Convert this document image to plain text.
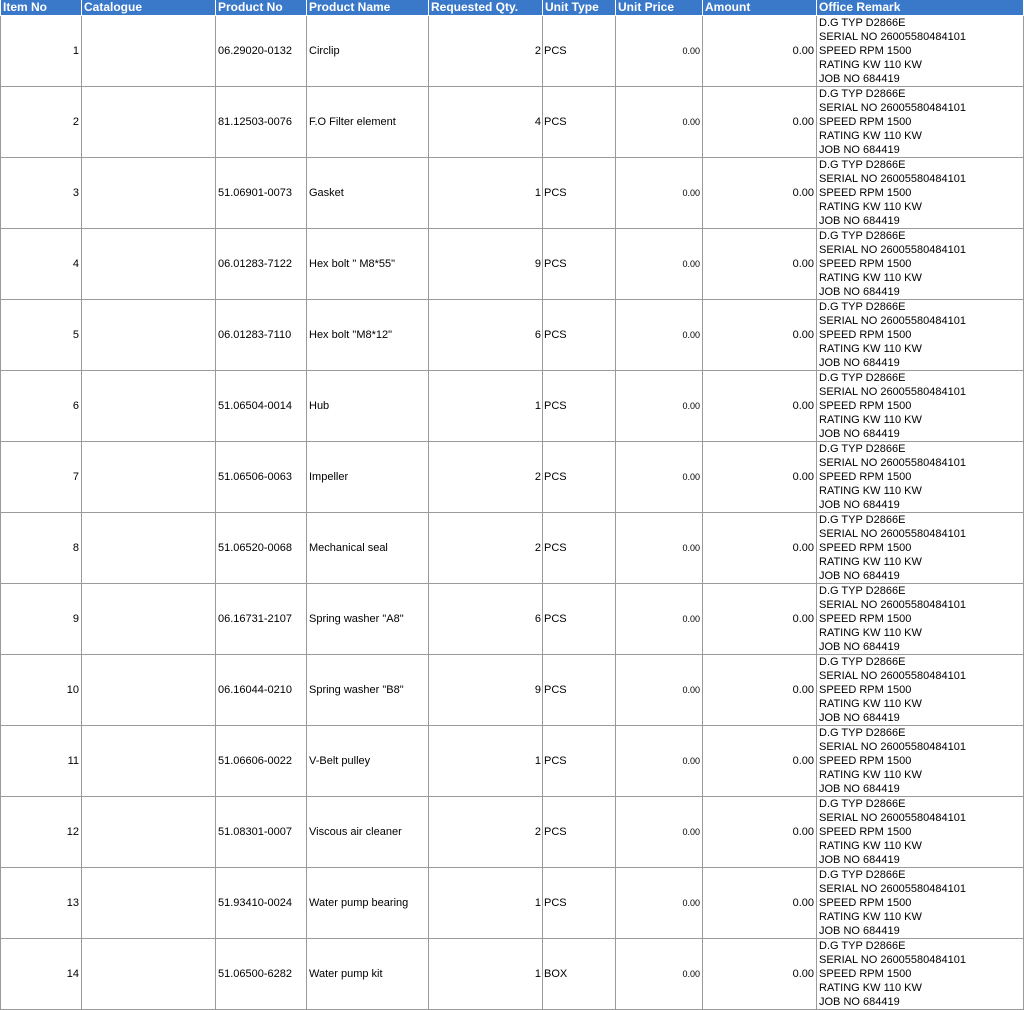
Item No	Catalogue	Product No	Product Name	Requested Qty.	Unit Type	Unit Price	Amount	Office Remark
1		06.29020-0132	Circlip	2	PCS	0.00	0.00	D.G TYP D2866E
SERIAL NO 26005580484101
SPEED RPM 1500
RATING KW 110 KW
JOB NO 684419

2		81.12503-0076	F.O Filter element	4	PCS	0.00	0.00	D.G TYP D2866E
SERIAL NO 26005580484101
SPEED RPM 1500
RATING KW 110 KW
JOB NO 684419

3		51.06901-0073	Gasket	1	PCS	0.00	0.00	D.G TYP D2866E
SERIAL NO 26005580484101
SPEED RPM 1500
RATING KW 110 KW
JOB NO 684419

4		06.01283-7122	Hex bolt " M8*55"	9	PCS	0.00	0.00	D.G TYP D2866E
SERIAL NO 26005580484101
SPEED RPM 1500
RATING KW 110 KW
JOB NO 684419

5		06.01283-7110	Hex bolt "M8*12"	6	PCS	0.00	0.00	D.G TYP D2866E
SERIAL NO 26005580484101
SPEED RPM 1500
RATING KW 110 KW
JOB NO 684419

6		51.06504-0014	Hub	1	PCS	0.00	0.00	D.G TYP D2866E
SERIAL NO 26005580484101
SPEED RPM 1500
RATING KW 110 KW
JOB NO 684419

7		51.06506-0063	Impeller	2	PCS	0.00	0.00	D.G TYP D2866E
SERIAL NO 26005580484101
SPEED RPM 1500
RATING KW 110 KW
JOB NO 684419

8		51.06520-0068	Mechanical seal	2	PCS	0.00	0.00	D.G TYP D2866E
SERIAL NO 26005580484101
SPEED RPM 1500
RATING KW 110 KW
JOB NO 684419

9		06.16731-2107	Spring washer "A8"	6	PCS	0.00	0.00	D.G TYP D2866E
SERIAL NO 26005580484101
SPEED RPM 1500
RATING KW 110 KW
JOB NO 684419

10		06.16044-0210	Spring washer "B8"	9	PCS	0.00	0.00	D.G TYP D2866E
SERIAL NO 26005580484101
SPEED RPM 1500
RATING KW 110 KW
JOB NO 684419

11		51.06606-0022	V-Belt pulley	1	PCS	0.00	0.00	D.G TYP D2866E
SERIAL NO 26005580484101
SPEED RPM 1500
RATING KW 110 KW
JOB NO 684419

12		51.08301-0007	Viscous air cleaner	2	PCS	0.00	0.00	D.G TYP D2866E
SERIAL NO 26005580484101
SPEED RPM 1500
RATING KW 110 KW
JOB NO 684419

13		51.93410-0024	Water pump bearing	1	PCS	0.00	0.00	D.G TYP D2866E
SERIAL NO 26005580484101
SPEED RPM 1500
RATING KW 110 KW
JOB NO 684419

14		51.06500-6282	Water pump kit	1	BOX	0.00	0.00	D.G TYP D2866E
SERIAL NO 26005580484101
SPEED RPM 1500
RATING KW 110 KW
JOB NO 684419
